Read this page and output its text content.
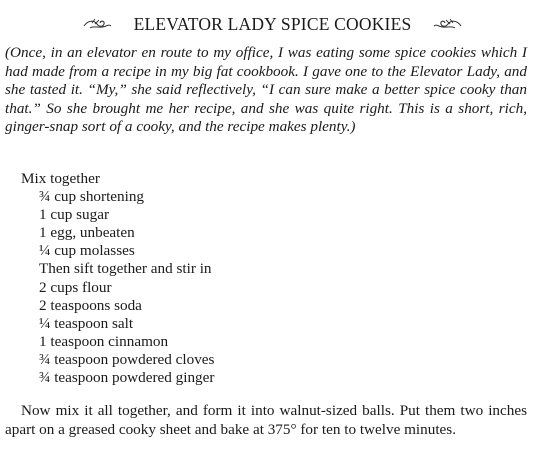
ELEVATOR LADY SPICE COOKIES

(Once, in an elevator en route to my office, I was eating some spice cookies which I had made from a recipe in my big fat cookbook. I gave one to the Elevator Lady, and she tasted it. “My,” she said reflectively, “I can sure make a better spice cooky than that.” So she brought me her recipe, and she was quite right. This is a short, rich, ginger-snap sort of a cooky, and the recipe makes plenty.)

Mix together
¾ cup shortening
1 cup sugar
1 egg, unbeaten
¼ cup molasses
Then sift together and stir in
2 cups flour
2 teaspoons soda
¼ teaspoon salt
1 teaspoon cinnamon
¾ teaspoon powdered cloves
¾ teaspoon powdered ginger

Now mix it all together, and form it into walnut-sized balls. Put them two inches apart on a greased cooky sheet and bake at 375° for ten to twelve minutes.
